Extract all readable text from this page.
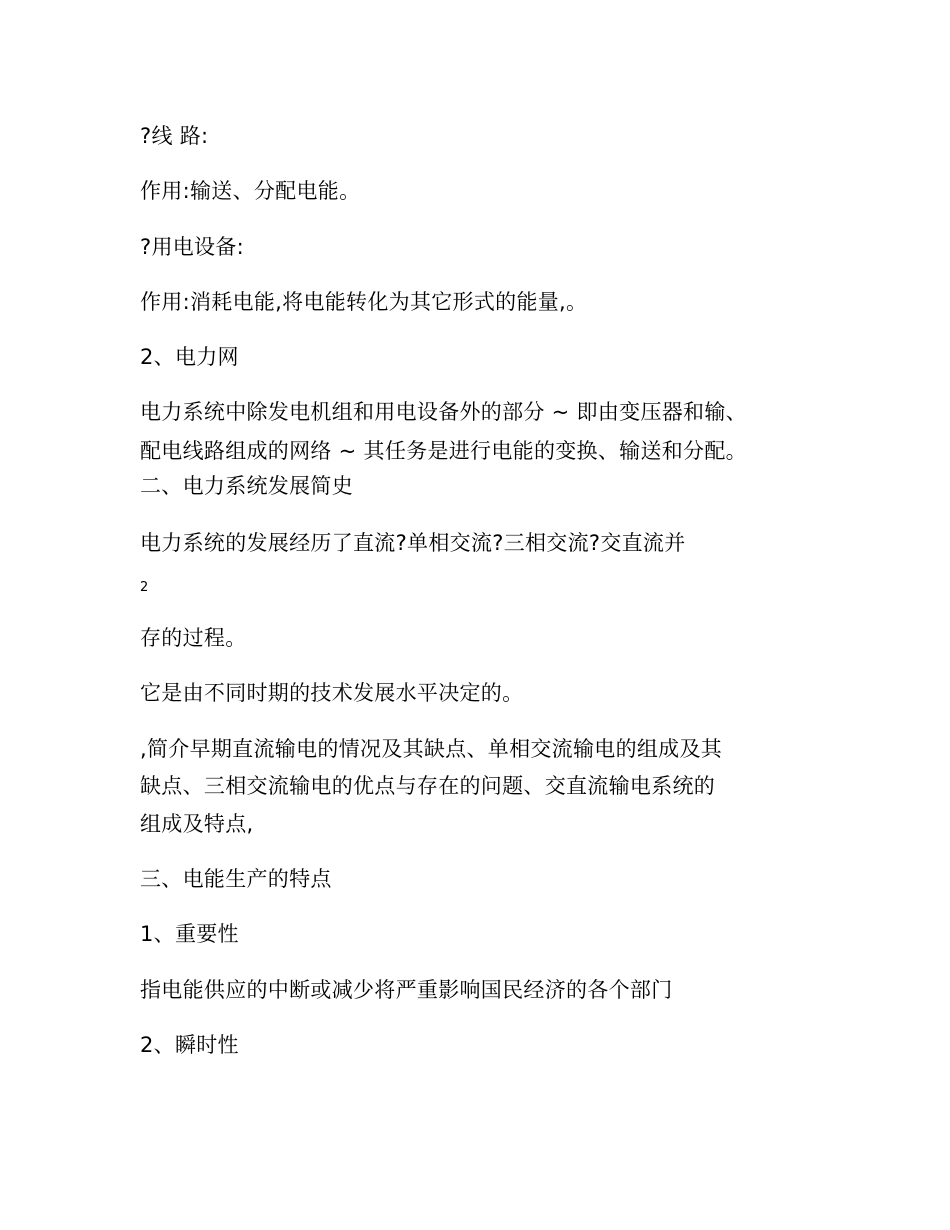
?线 路:
作用:输送、分配电能。
?用电设备:
作用:消耗电能,将电能转化为其它形式的能量,。
2、电力网
电力系统中除发电机组和用电设备外的部分 ~ 即由变压器和输、
配电线路组成的网络 ~ 其任务是进行电能的变换、输送和分配。
二、电力系统发展简史
电力系统的发展经历了直流?单相交流?三相交流?交直流并
2
存的过程。
它是由不同时期的技术发展水平决定的。
,简介早期直流输电的情况及其缺点、单相交流输电的组成及其
缺点、三相交流输电的优点与存在的问题、交直流输电系统的
组成及特点,
三、电能生产的特点
1、重要性
指电能供应的中断或减少将严重影响国民经济的各个部门
2、瞬时性
